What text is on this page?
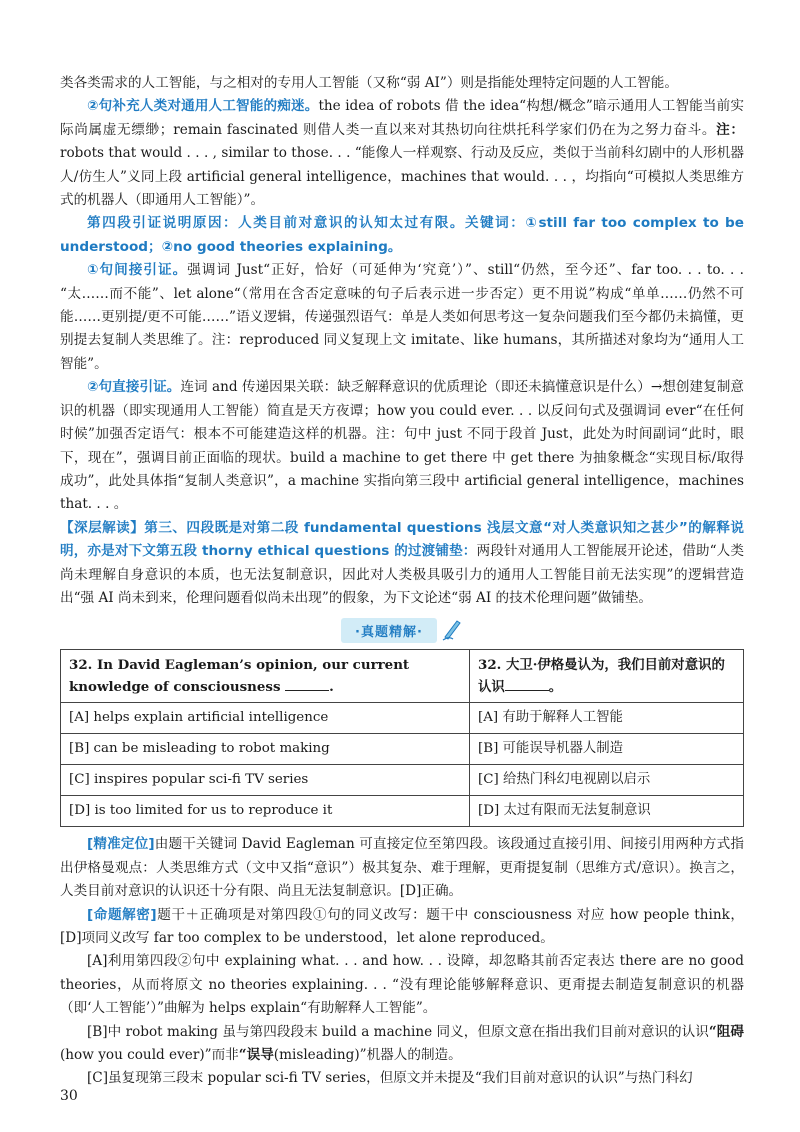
类各类需求的人工智能，与之相对的专用人工智能（又称“弱 AI”）则是指能处理特定问题的人工智能。

②句补充人类对通用人工智能的痴迷。the idea of robots 借 the idea“构想/概念”暗示通用人工智能当前实际尚属虚无缥缈；remain fascinated 则借人类一直以来对其热切向往烘托科学家们仍在为之努力奋斗。注：robots that would . . . , similar to those. . . “能像人一样观察、行动及反应，类似于当前科幻剧中的人形机器人/仿生人”义同上段 artificial general intelligence，machines that would. . . ，均指向“可模拟人类思维方式的机器人（即通用人工智能）”。

第四段引证说明原因：人类目前对意识的认知太过有限。关键词：①still far too complex to be understood；②no good theories explaining。

①句间接引证。强调词 Just“正好，恰好（可延伸为‘究竟’）”、still“仍然，至今还”、far too. . . to. . . “太……而不能”、let alone“（常用在含否定意味的句子后表示进一步否定）更不用说”构成“单单……仍然不可能……更别提/更不可能……”语义逻辑，传递强烈语气：单是人类如何思考这一复杂问题我们至今都仍未搞懂，更别提去复制人类思维了。注：reproduced 同义复现上文 imitate、like humans，其所描述对象均为“通用人工智能”。

②句直接引证。连词 and 传递因果关联：缺乏解释意识的优质理论（即还未搞懂意识是什么）→想创建复制意识的机器（即实现通用人工智能）简直是天方夜谭；how you could ever. . . 以反问句式及强调词 ever“在任何时候”加强否定语气：根本不可能建造这样的机器。注：句中 just 不同于段首 Just，此处为时间副词“此时，眼下，现在”，强调目前正面临的现状。build a machine to get there 中 get there 为抽象概念“实现目标/取得成功”，此处具体指“复制人类意识”，a machine 实指向第三段中 artificial general intelligence，machines that. . . 。

【深层解读】第三、四段既是对第二段 fundamental questions 浅层文意“对人类意识知之甚少”的解释说明，亦是对下文第五段 thorny ethical questions 的过渡铺垫：两段针对通用人工智能展开论述，借助“人类尚未理解自身意识的本质，也无法复制意识，因此对人类极具吸引力的通用人工智能目前无法实现”的逻辑营造出“强 AI 尚未到来，伦理问题看似尚未出现”的假象，为下文论述“弱 AI 的技术伦理问题”做铺垫。

·真题精解·
32. In David Eagleman’s opinion, our current knowledge of consciousness .	32. 大卫·伊格曼认为，我们目前对意识的认识 。
[A] helps explain artificial intelligence	[A] 有助于解释人工智能
[B] can be misleading to robot making	[B] 可能误导机器人制造
[C] inspires popular sci-fi TV series	[C] 给热门科幻电视剧以启示
[D] is too limited for us to reproduce it	[D] 太过有限而无法复制意识

[精准定位]由题干关键词 David Eagleman 可直接定位至第四段。该段通过直接引用、间接引用两种方式指出伊格曼观点：人类思维方式（文中又指“意识”）极其复杂、难于理解，更甭提复制（思维方式/意识）。换言之，人类目前对意识的认识还十分有限、尚且无法复制意识。[D]正确。

[命题解密]题干＋正确项是对第四段①句的同义改写：题干中 consciousness 对应 how people think，[D]项同义改写 far too complex to be understood，let alone reproduced。

[A]利用第四段②句中 explaining what. . . and how. . . 设障，却忽略其前否定表达 there are no good theories，从而将原文 no theories explaining. . . “没有理论能够解释意识、更甭提去制造复制意识的机器（即‘人工智能’）”曲解为 helps explain“有助解释人工智能”。

[B]中 robot making 虽与第四段段末 build a machine 同义，但原文意在指出我们目前对意识的认识“阻碍(how you could ever)”而非“误导(misleading)”机器人的制造。

[C]虽复现第三段末 popular sci-fi TV series，但原文并未提及“我们目前对意识的认识”与热门科幻

30
